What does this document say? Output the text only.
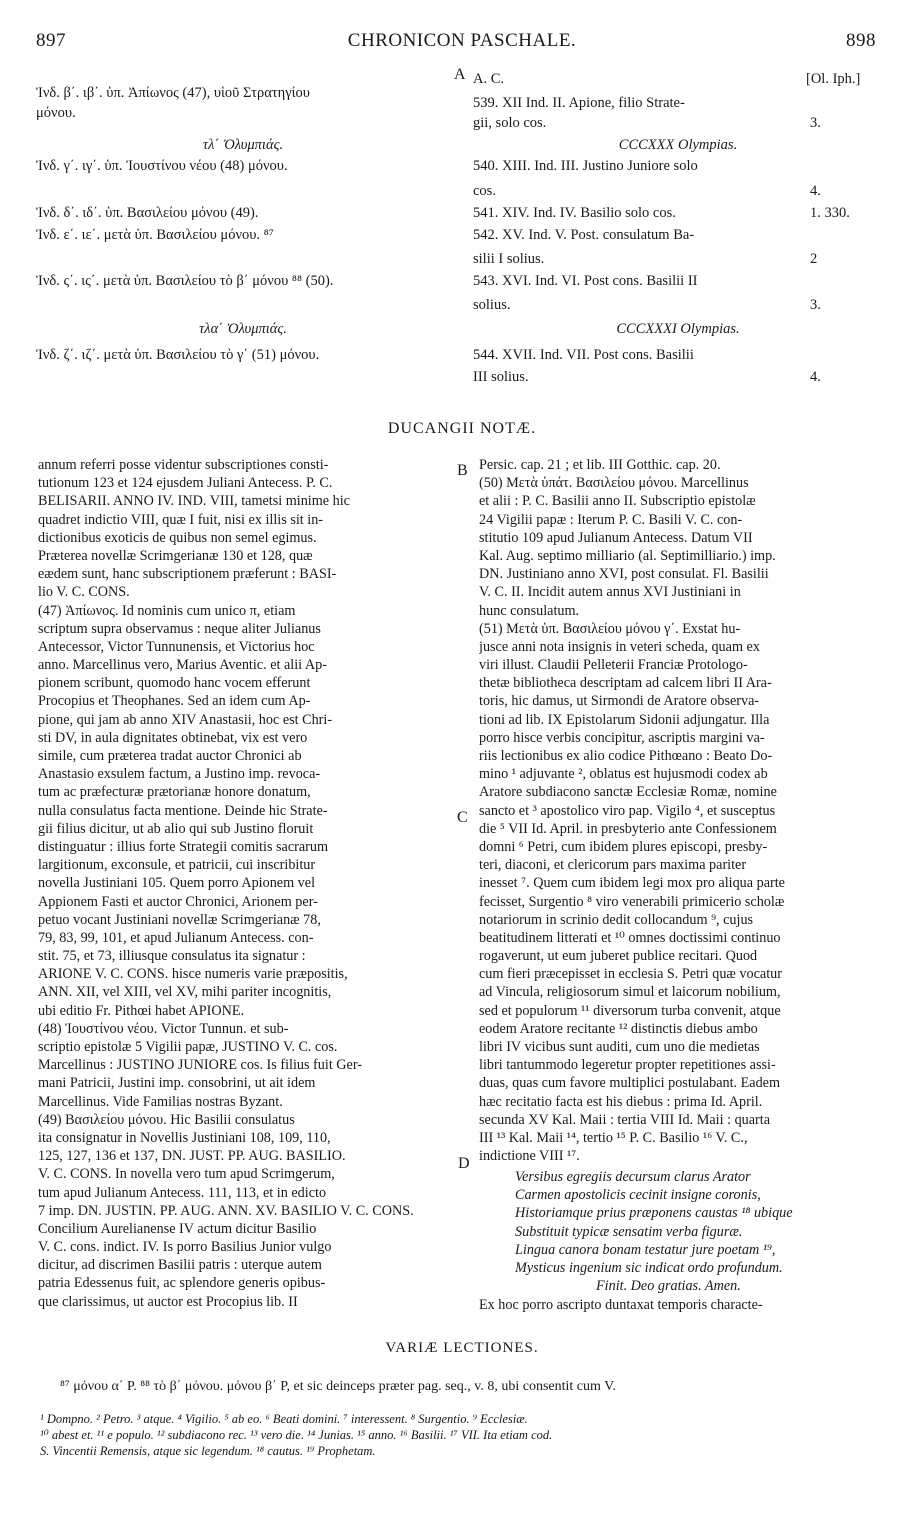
897	CHRONICON PASCHALE.	898
Ἰνδ. β΄. ιβ΄. ὑπ. Ἀπίωνος (47), υἱοῦ Στρατηγίου
μόνου.
τλ΄ Ὀλυμπιάς.
Ἰνδ. γ΄. ιγ΄. ὑπ. Ἰουστίνου νέου (48) μόνου.
Ἰνδ. δ΄. ιδ΄. ὑπ. Βασιλείου μόνου (49).
Ἰνδ. ε΄. ιε΄. μετὰ ὑπ. Βασιλείου μόνου. ⁸⁷
Ἰνδ. ς΄. ις΄. μετὰ ὑπ. Βασιλείου τὸ β΄ μόνου ⁸⁸ (50).
τλα΄ Ὀλυμπιάς.
Ἰνδ. ζ΄. ιζ΄. μετὰ ὑπ. Βασιλείου τὸ γ΄ (51) μόνου.
A A. C.	[Ol. Iph.]
539. XII Ind. II. Apione, filio Strate-
gii, solo cos.	3.
CCCXXX Olympias.
540. XIII. Ind. III. Justino Juniore solo
cos.	4.
541. XIV. Ind. IV. Basilio solo cos.	1. 330.
542. XV. Ind. V. Post. consulatum Ba-
silii I solius.	2
543. XVI. Ind. VI. Post cons. Basilii II
solius.	3.
CCCXXXI Olympias.
544. XVII. Ind. VII. Post cons. Basilii
III solius.	4.
DUCANGII NOTÆ.
annum referri posse videntur subscriptiones consti-
tutionum 123 et 124 ejusdem Juliani Antecess. P. C.
BELISARII. ANNO IV. IND. VIII, tametsi minime hic
quadret indictio VIII, quæ I fuit, nisi ex illis sit in-
dictionibus exoticis de quibus non semel egimus.
Præterea novellæ Scrimgerianæ 130 et 128, quæ
eædem sunt, hanc subscriptionem præferunt : BASI-
lio V. C. CONS.
(47) Ἀπίωνος. Id nominis cum unico π, etiam
scriptum supra observamus : neque aliter Julianus
Antecessor, Victor Tunnunensis, et Victorius hoc
anno. Marcellinus vero, Marius Aventic. et alii Ap-
pionem scribunt, quomodo hanc vocem efferunt
Procopius et Theophanes. Sed an idem cum Ap-
pione, qui jam ab anno XIV Anastasii, hoc est Chri-
sti DV, in aula dignitates obtinebat, vix est vero
simile, cum præterea tradat auctor Chronici ab
Anastasio exsulem factum, a Justino imp. revoca-
tum ac præfecturæ prætorianæ honore donatum,
nulla consulatus facta mentione. Deinde hic Strate-
gii filius dicitur, ut ab alio qui sub Justino floruit
distinguatur : illius forte Strategii comitis sacrarum
largitionum, exconsule, et patricii, cui inscribitur
novella Justiniani 105. Quem porro Apionem vel
Appionem Fasti et auctor Chronici, Arionem per-
petuo vocant Justiniani novellæ Scrimgerianæ 78,
79, 83, 99, 101, et apud Julianum Antecess. con-
stit. 75, et 73, illiusque consulatus ita signatur :
ARIONE V. C. CONS. hisce numeris varie præpositis,
ANN. XII, vel XIII, vel XV, mihi pariter incognitis,
ubi editio Fr. Pithœi habet APIONE.
(48) Ἰουστίνου νέου. Victor Tunnun. et sub-
scriptio epistolæ 5 Vigilii papæ, JUSTINO V. C. cos.
Marcellinus : JUSTINO JUNIORE cos. Is filius fuit Ger-
mani Patricii, Justini imp. consobrini, ut ait idem
Marcellinus. Vide Familias nostras Byzant.
(49) Βασιλείου μόνου. Hic Basilii consulatus
ita consignatur in Novellis Justiniani 108, 109, 110,
125, 127, 136 et 137, DN. JUST. PP. AUG. BASILIO.
V. C. CONS. In novella vero tum apud Scrimgerum,
tum apud Julianum Antecess. 111, 113, et in edicto
7 imp. DN. JUSTIN. PP. AUG. ANN. XV. BASILIO V. C. CONS.
Concilium Aurelianense IV actum dicitur Basilio
V. C. cons. indict. IV. Is porro Basilius Junior vulgo
dicitur, ad discrimen Basilii patris : uterque autem
patria Edessenus fuit, ac splendore generis opibus-
que clarissimus, ut auctor est Procopius lib. II
Persic. cap. 21 ; et lib. III Gotthic. cap. 20.
(50) Μετὰ ὑπάτ. Βασιλείου μόνου. Marcellinus
et alii : P. C. Basilii anno II. Subscriptio epistolæ
24 Vigilii papæ : Iterum P. C. Basili V. C. con-
stitutio 109 apud Julianum Antecess. Datum VII
Kal. Aug. septimo milliario (al. Septimilliario.) imp.
DN. Justiniano anno XVI, post consulat. Fl. Basilii
V. C. II. Incidit autem annus XVI Justiniani in
hunc consulatum.
(51) Μετὰ ὑπ. Βασιλείου μόνου γ΄. Exstat hu-
jusce anni nota insignis in veteri scheda, quam ex
viri illust. Claudii Pelleterii Franciæ Protologo-
thetæ bibliotheca descriptam ad calcem libri II Ara-
toris, hic damus, ut Sirmondi de Aratore observa-
tioni ad lib. IX Epistolarum Sidonii adjungatur. Illa
porro hisce verbis concipitur, ascriptis margini va-
riis lectionibus ex alio codice Pithœano : Beato Do-
mino ¹ adjuvante ², oblatus est hujusmodi codex ab
Aratore subdiacono sanctæ Ecclesiæ Romæ, nomine
sancto et ³ apostolico viro pap. Vigilo ⁴, et susceptus
die ⁵ VII Id. April. in presbyterio ante Confessionem
domni ⁶ Petri, cum ibidem plures episcopi, presby-
teri, diaconi, et clericorum pars maxima pariter
inesset ⁷. Quem cum ibidem legi mox pro aliqua parte
fecisset, Surgentio ⁸ viro venerabili primicerio scholæ
notariorum in scrinio dedit collocandum ⁹, cujus
beatitudinem litterati et ¹⁰ omnes doctissimi continuo
rogaverunt, ut eum juberet publice recitari. Quod
cum fieri præcepisset in ecclesia S. Petri quæ vocatur
ad Vincula, religiosorum simul et laicorum nobilium,
sed et populorum ¹¹ diversorum turba convenit, atque
eodem Aratore recitante ¹² distinctis diebus ambo
libri IV vicibus sunt auditi, cum uno die medietas
libri tantummodo legeretur propter repetitiones assi-
duas, quas cum favore multiplici postulabant. Eadem
hæc recitatio facta est his diebus : prima Id. April.
secunda XV Kal. Maii : tertia VIII Id. Maii : quarta
III ¹³ Kal. Maii ¹⁴, tertio ¹⁵ P. C. Basilio ¹⁶ V. C.,
indictione VIII ¹⁷.
B
C
D
Versibus egregiis decursum clarus Arator
Carmen apostolicis cecinit insigne coronis,
Historiamque prius præponens caustas ¹⁸ ubique
Substituit typicæ sensatim verba figuræ.
Lingua canora bonam testatur jure poetam ¹⁹,
Mysticus ingenium sic indicat ordo profundum.
Finit. Deo gratias. Amen.
Ex hoc porro ascripto duntaxat temporis characte-
VARIÆ LECTIONES.
⁸⁷ μόνου α΄ P. ⁸⁸ τὸ β΄ μόνου. μόνου β΄ P, et sic deinceps præter pag. seq., v. 8, ubi consentit cum V.
¹ Dompno. ² Petro. ³ atque. ⁴ Vigilio. ⁵ ab eo. ⁶ Beati domini. ⁷ interessent. ⁸ Surgentio. ⁹ Ecclesiæ.
¹⁰ abest et. ¹¹ e populo. ¹² subdiacono rec. ¹³ vero die. ¹⁴ Junias. ¹⁵ anno. ¹⁶ Basilii. ¹⁷ VII. Ita etiam cod.
S. Vincentii Remensis, atque sic legendum. ¹⁸ cautus. ¹⁹ Prophetam.
